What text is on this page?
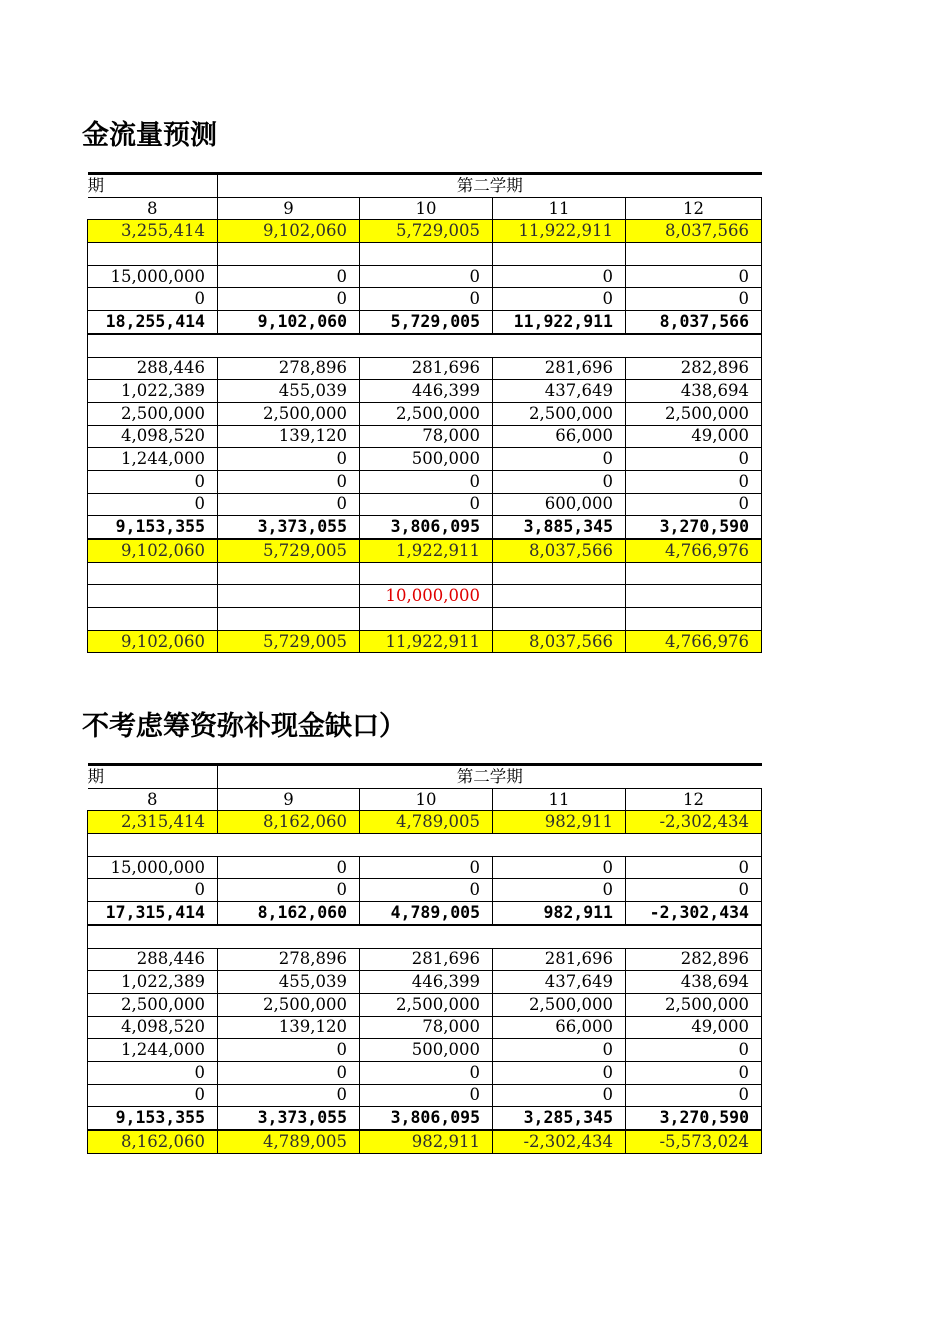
金流量预测
期	第二学期			
8	9	10	11	12
3,255,414	9,102,060	5,729,005	11,922,911	8,037,566

15,000,000	0	0	0	0
0	0	0	0	0
18,255,414	9,102,060	5,729,005	11,922,911	8,037,566

288,446	278,896	281,696	281,696	282,896
1,022,389	455,039	446,399	437,649	438,694
2,500,000	2,500,000	2,500,000	2,500,000	2,500,000
4,098,520	139,120	78,000	66,000	49,000
1,244,000	0	500,000	0	0
0	0	0	0	0
0	0	0	600,000	0
9,153,355	3,373,055	3,806,095	3,885,345	3,270,590
9,102,060	5,729,005	1,922,911	8,037,566	4,766,976

		10,000,000		

9,102,060	5,729,005	11,922,911	8,037,566	4,766,976
不考虑筹资弥补现金缺口）
期	第二学期			
8	9	10	11	12
2,315,414	8,162,060	4,789,005	982,911	-2,302,434

15,000,000	0	0	0	0
0	0	0	0	0
17,315,414	8,162,060	4,789,005	982,911	-2,302,434

288,446	278,896	281,696	281,696	282,896
1,022,389	455,039	446,399	437,649	438,694
2,500,000	2,500,000	2,500,000	2,500,000	2,500,000
4,098,520	139,120	78,000	66,000	49,000
1,244,000	0	500,000	0	0
0	0	0	0	0
0	0	0	0	0
9,153,355	3,373,055	3,806,095	3,285,345	3,270,590
8,162,060	4,789,005	982,911	-2,302,434	-5,573,024
